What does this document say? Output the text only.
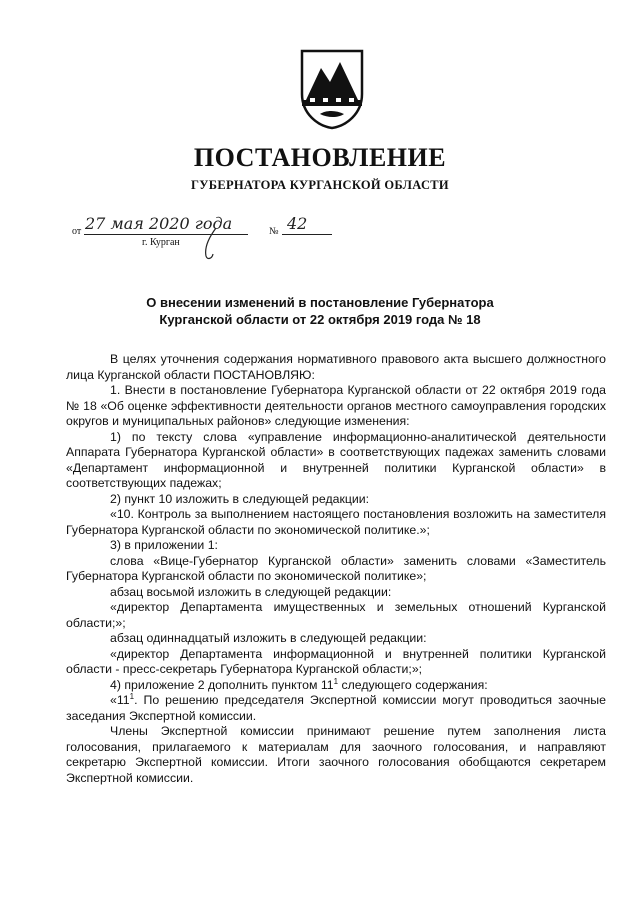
ПОСТАНОВЛЕНИЕ
ГУБЕРНАТОРА КУРГАНСКОЙ ОБЛАСТИ
от 27 мая 2020 года	№ 42
г. Курган
О внесении изменений в постановление Губернатора
Курганской области от 22 октября 2019 года № 18

В целях уточнения содержания нормативного правового акта высшего должностного лица Курганской области ПОСТАНОВЛЯЮ:

1. Внести в постановление Губернатора Курганской области от 22 октября 2019 года № 18 «Об оценке эффективности деятельности органов местного самоуправления городских округов и муниципальных районов» следующие изменения:

1) по тексту слова «управление информационно-аналитической деятельности Аппарата Губернатора Курганской области» в соответствующих падежах заменить словами «Департамент информационной и внутренней политики Курганской области» в соответствующих падежах;

2) пункт 10 изложить в следующей редакции:

«10. Контроль за выполнением настоящего постановления возложить на заместителя Губернатора Курганской области по экономической политике.»;

3) в приложении 1:

слова «Вице-Губернатор Курганской области» заменить словами «Заместитель Губернатора Курганской области по экономической политике»;

абзац восьмой изложить в следующей редакции:

«директор Департамента имущественных и земельных отношений Курганской области;»;

абзац одиннадцатый изложить в следующей редакции:

«директор Департамента информационной и внутренней политики Курганской области - пресс-секретарь Губернатора Курганской области;»;

4) приложение 2 дополнить пунктом $11^1$ следующего содержания:

«$11^1$. По решению председателя Экспертной комиссии могут проводиться заочные заседания Экспертной комиссии.

Члены Экспертной комиссии принимают решение путем заполнения листа голосования, прилагаемого к материалам для заочного голосования, и направляют секретарю Экспертной комиссии. Итоги заочного голосования обобщаются секретарем Экспертной комиссии.
